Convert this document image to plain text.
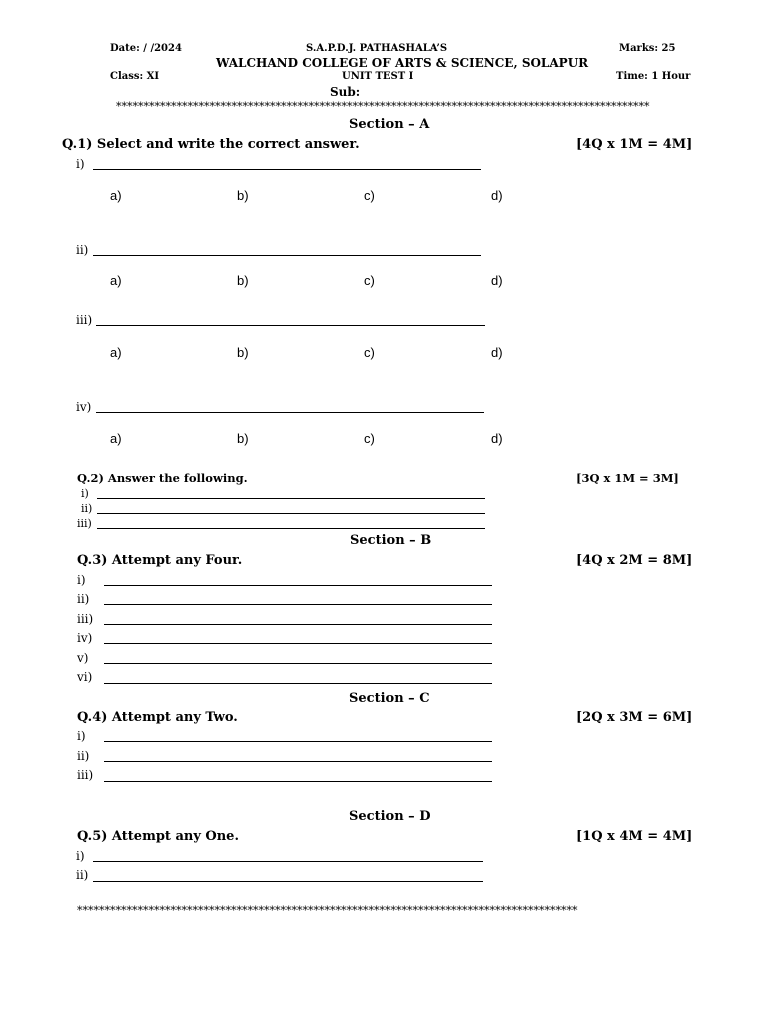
Date: / /2024	S.A.P.D.J. PATHASHALA’S	Marks: 25
WALCHAND COLLEGE OF ARTS & SCIENCE, SOLAPUR
Class: XI	UNIT TEST I	Time: 1 Hour
Sub:
*************************************************************************************************
Section – A
Q.1) Select and write the correct answer.	[4Q x 1M = 4M]
i)
a)	b)	c)	d)
ii)
a)	b)	c)	d)
iii)
a)	b)	c)	d)
iv)
a)	b)	c)	d)
Q.2) Answer the following.	[3Q x 1M = 3M]
i)
ii)
iii)
Section – B
Q.3) Attempt any Four.	[4Q x 2M = 8M]
i)
ii)
iii)
iv)
v)
vi)
Section – C
Q.4) Attempt any Two.	[2Q x 3M = 6M]
i)
ii)
iii)
Section – D
Q.5) Attempt any One.	[1Q x 4M = 4M]
i)
ii)
*******************************************************************************************
